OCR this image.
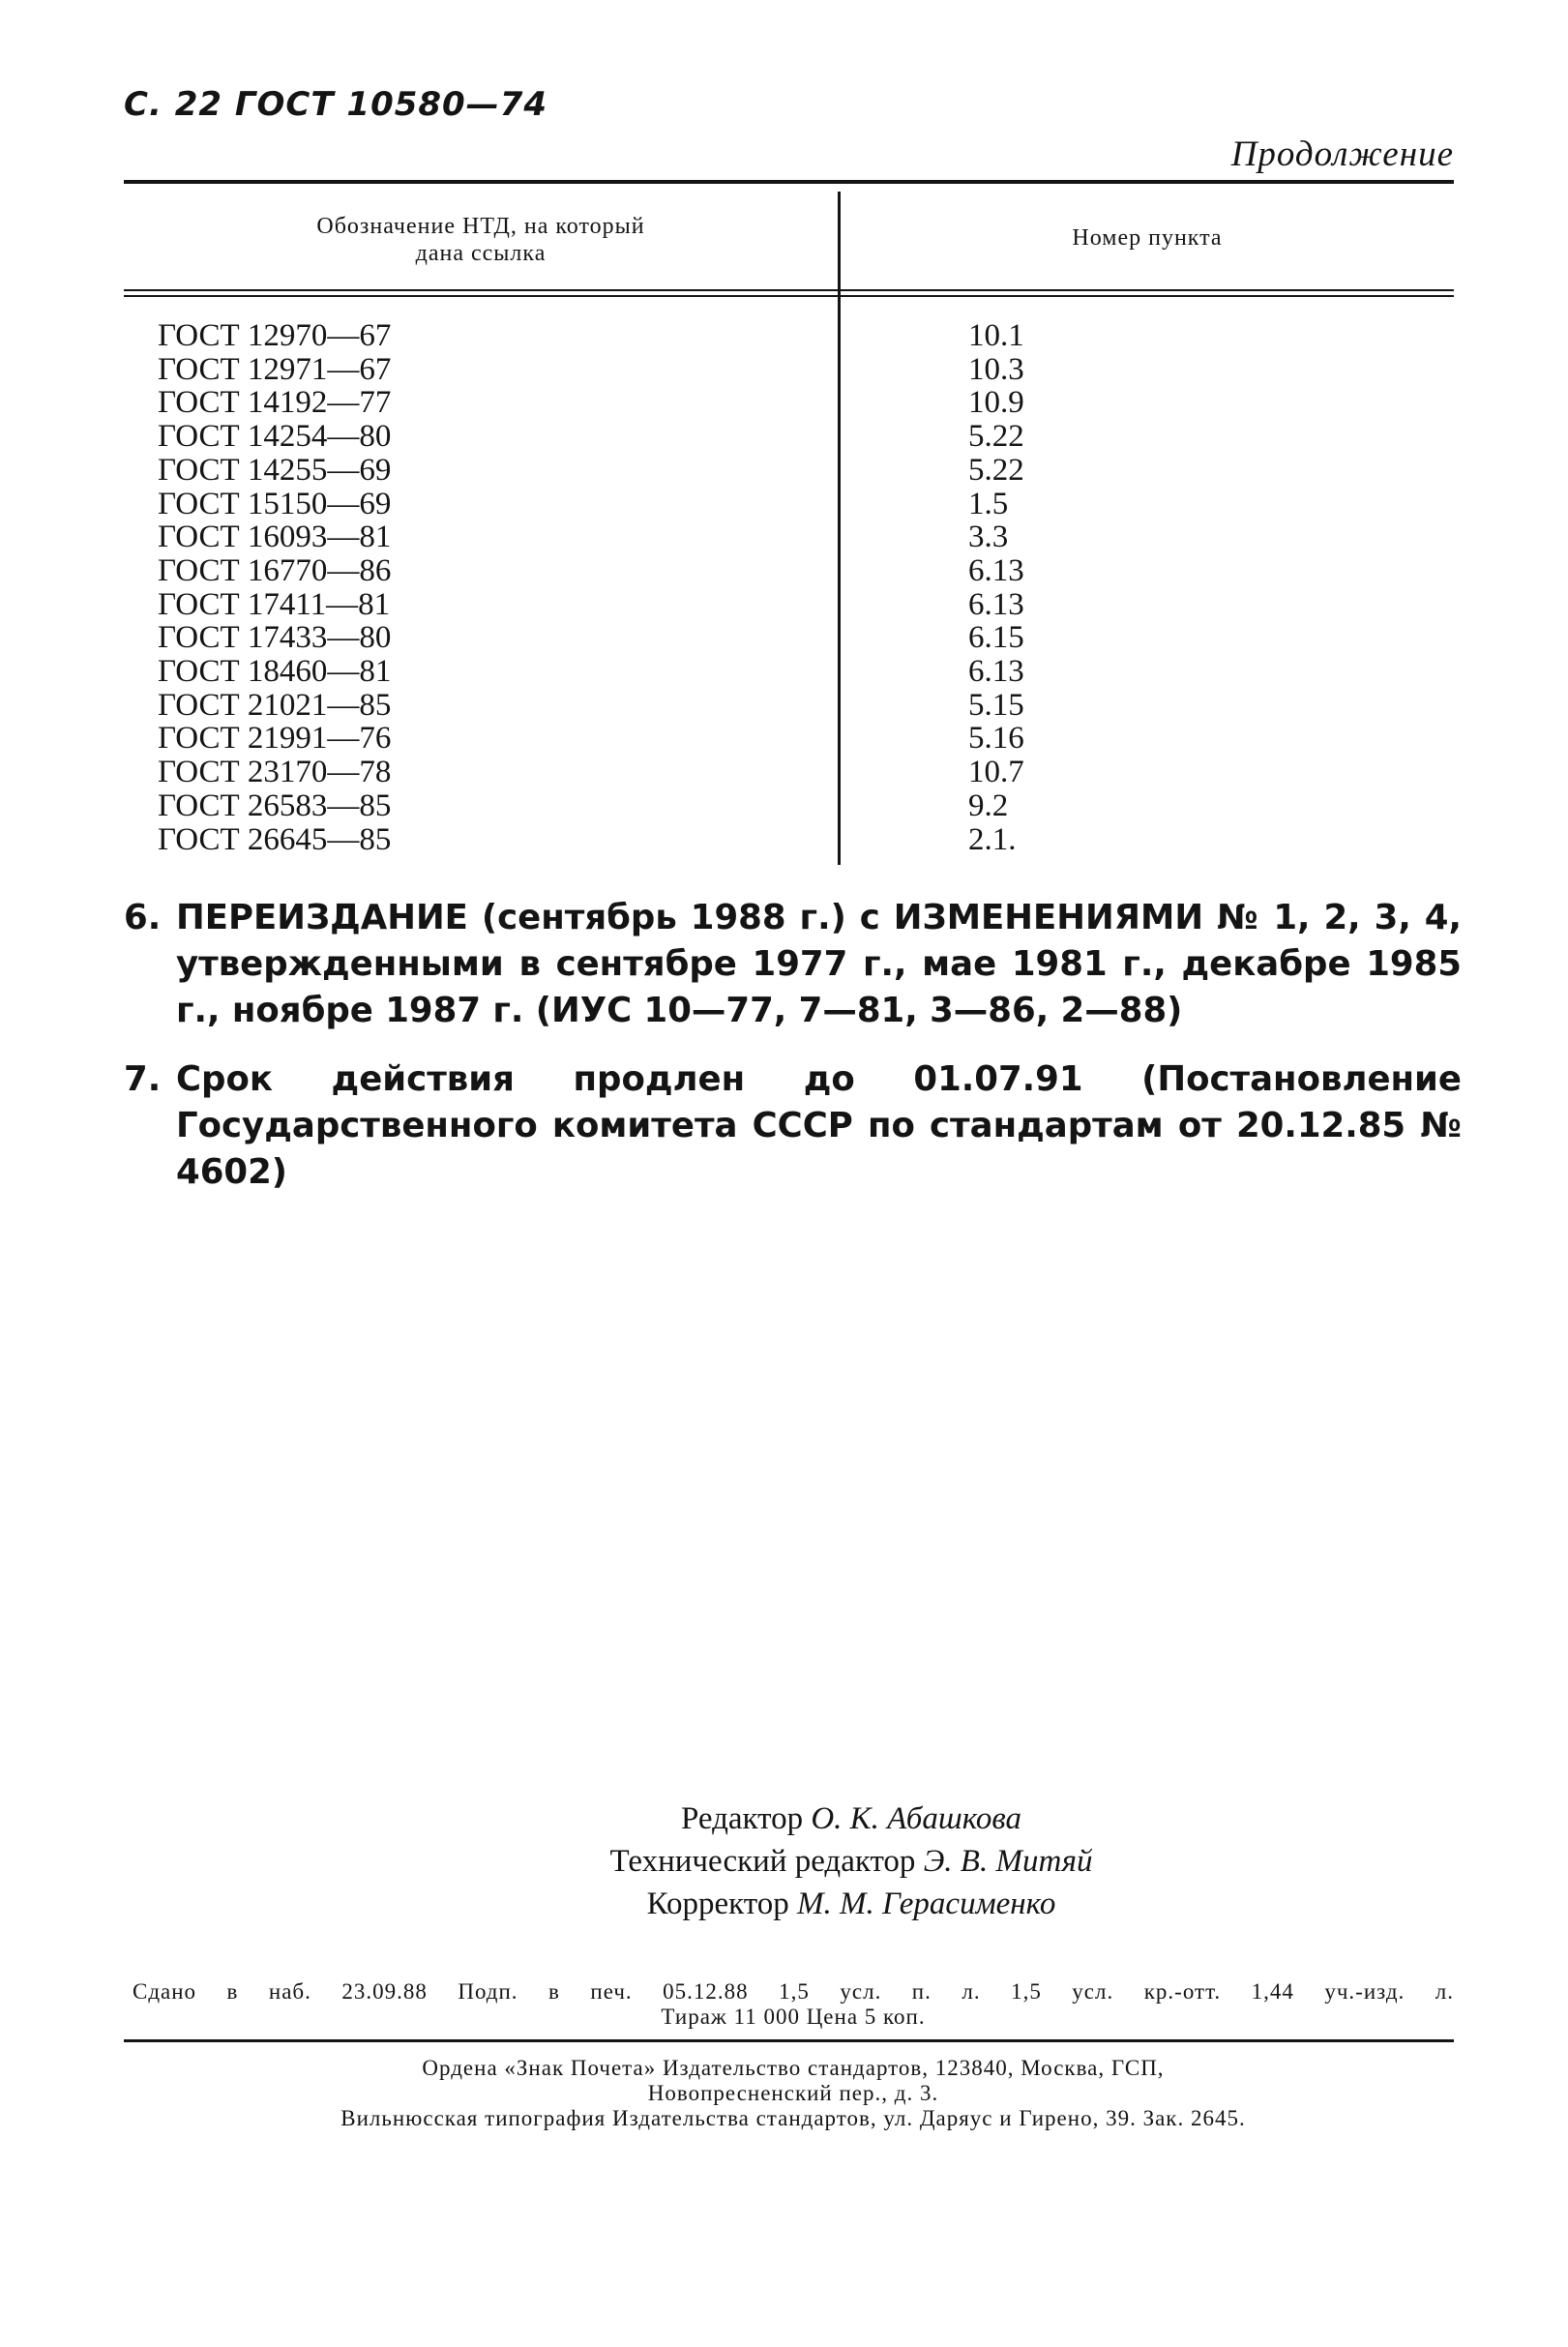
С. 22 ГОСТ 10580—74
Продолжение
Обозначение НТД, на который
дана ссылка
Номер пункта
ГОСТ 12970—67
ГОСТ 12971—67
ГОСТ 14192—77
ГОСТ 14254—80
ГОСТ 14255—69
ГОСТ 15150—69
ГОСТ 16093—81
ГОСТ 16770—86
ГОСТ 17411—81
ГОСТ 17433—80
ГОСТ 18460—81
ГОСТ 21021—85
ГОСТ 21991—76
ГОСТ 23170—78
ГОСТ 26583—85
ГОСТ 26645—85
10.1
10.3
10.9
5.22
5.22
1.5
3.3
6.13
6.13
6.15
6.13
5.15
5.16
10.7
9.2
2.1.
6. ПЕРЕИЗДАНИЕ (сентябрь 1988 г.) с ИЗМЕНЕНИЯМИ № 1, 2, 3, 4, утвержденными в сентябре 1977 г., мае 1981 г., декабре 1985 г., ноябре 1987 г. (ИУС 10—77, 7—81, 3—86, 2—88)
7. Срок действия продлен до 01.07.91 (Постановление Государственного комитета СССР по стандартам от 20.12.85 № 4602)
Редактор О. К. Абашкова
Технический редактор Э. В. Митяй
Корректор М. М. Герасименко
Сдано в наб. 23.09.88 Подп. в печ. 05.12.88 1,5 усл. п. л. 1,5 усл. кр.-отт. 1,44 уч.-изд. л.
Тираж 11 000 Цена 5 коп.
Ордена «Знак Почета» Издательство стандартов, 123840, Москва, ГСП,
Новопресненский пер., д. 3.
Вильнюсская типография Издательства стандартов, ул. Даряус и Гирено, 39. Зак. 2645.
